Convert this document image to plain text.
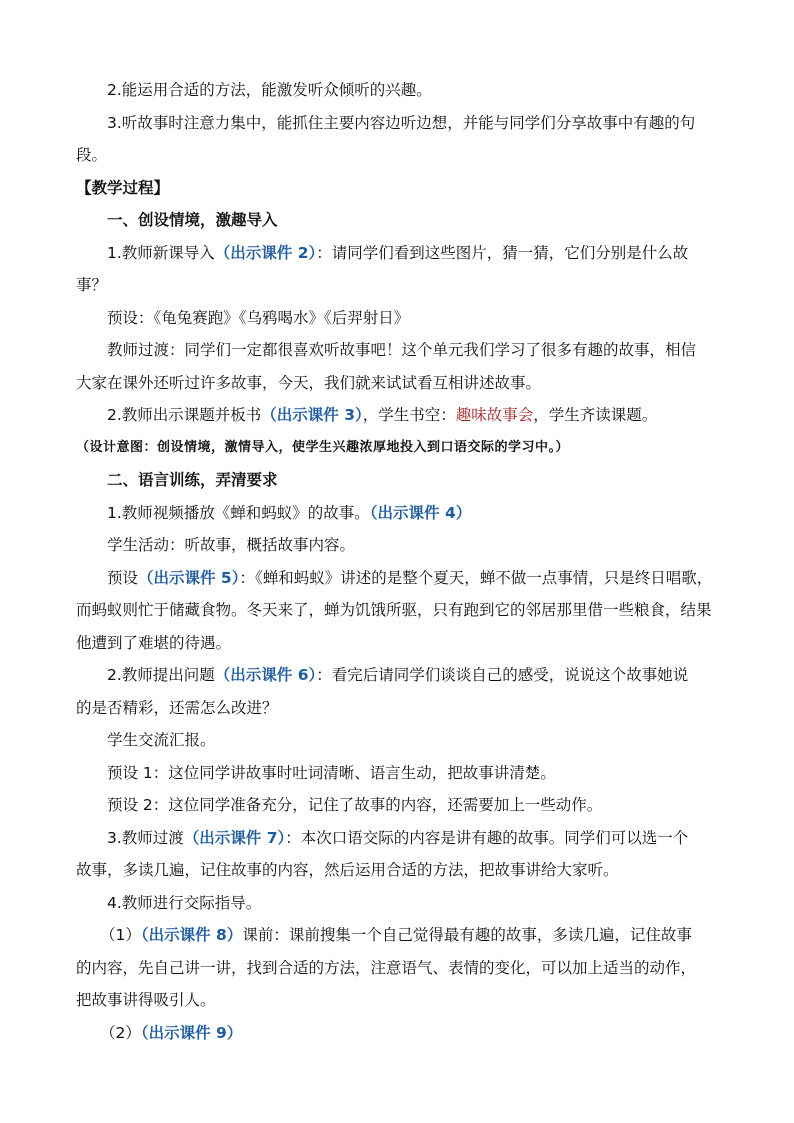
2.能运用合适的方法，能激发听众倾听的兴趣。

3.听故事时注意力集中，能抓住主要内容边听边想，并能与同学们分享故事中有趣的句

段。

【教学过程】

一、创设情境，激趣导入

1.教师新课导入（出示课件 2）：请同学们看到这些图片，猜一猜，它们分别是什么故

事？

预设：《龟兔赛跑》《乌鸦喝水》《后羿射日》

教师过渡：同学们一定都很喜欢听故事吧！这个单元我们学习了很多有趣的故事，相信

大家在课外还听过许多故事，今天，我们就来试试看互相讲述故事。

2.教师出示课题并板书（出示课件 3），学生书空：趣味故事会，学生齐读课题。

（设计意图：创设情境，激情导入，使学生兴趣浓厚地投入到口语交际的学习中。）

二、语言训练，弄清要求

1.教师视频播放《蝉和蚂蚁》的故事。（出示课件 4）

学生活动：听故事，概括故事内容。

预设（出示课件 5）：《蝉和蚂蚁》讲述的是整个夏天，蝉不做一点事情，只是终日唱歌，

而蚂蚁则忙于储藏食物。冬天来了，蝉为饥饿所驱，只有跑到它的邻居那里借一些粮食，结果

他遭到了难堪的待遇。

2.教师提出问题（出示课件 6）：看完后请同学们谈谈自己的感受，说说这个故事她说

的是否精彩，还需怎么改进？

学生交流汇报。

预设 1：这位同学讲故事时吐词清晰、语言生动，把故事讲清楚。

预设 2：这位同学准备充分，记住了故事的内容，还需要加上一些动作。

3.教师过渡（出示课件 7）：本次口语交际的内容是讲有趣的故事。同学们可以选一个

故事，多读几遍，记住故事的内容，然后运用合适的方法，把故事讲给大家听。

4.教师进行交际指导。

（1）（出示课件 8）课前：课前搜集一个自己觉得最有趣的故事，多读几遍，记住故事

的内容，先自己讲一讲，找到合适的方法，注意语气、表情的变化，可以加上适当的动作，

把故事讲得吸引人。

（2）（出示课件 9）
